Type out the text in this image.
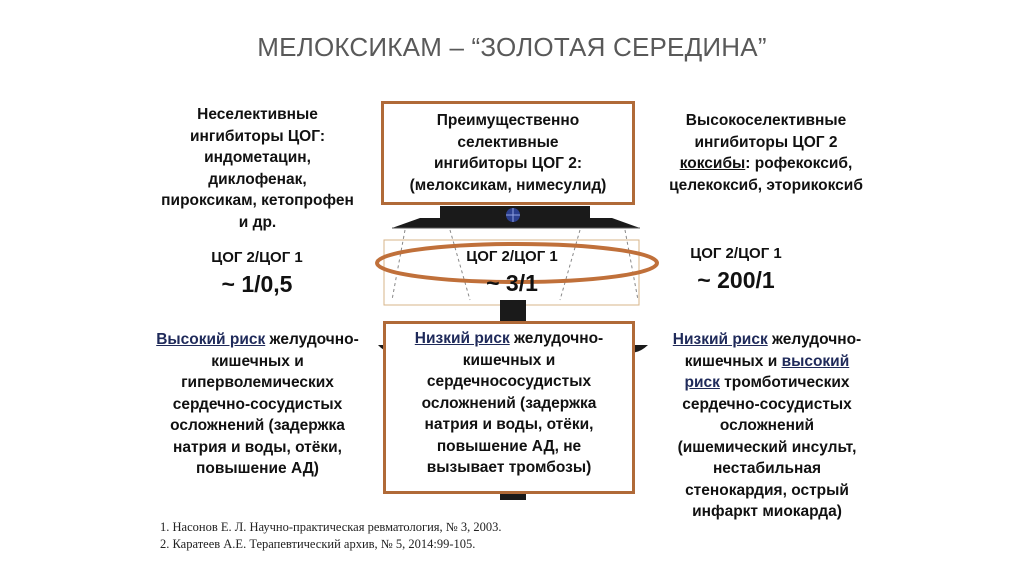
МЕЛОКСИКАМ – “ЗОЛОТАЯ СЕРЕДИНА”
Преимущественно
селективные
ингибиторы ЦОГ 2:
(мелоксикам, нимесулид)
ЦОГ 2/ЦОГ 1
~ 3/1
Низкий риск желудочно-
кишечных и
сердечнососудистых
осложнений (задержка
натрия и воды, отёки,
повышение АД, не
вызывает тромбозы)
Неселективные
ингибиторы ЦОГ:
индометацин,
диклофенак,
пироксикам, кетопрофен
и др.
ЦОГ 2/ЦОГ 1
~ 1/0,5
Высокий риск желудочно-
кишечных и
гиперволемических
сердечно-сосудистых
осложнений (задержка
натрия и воды, отёки,
повышение АД)
Высокоселективные
ингибиторы ЦОГ 2
коксибы: рофекоксиб,
целекоксиб, эторикоксиб
ЦОГ 2/ЦОГ 1
~ 200/1
Низкий риск желудочно-
кишечных и высокий
риск тромботических
сердечно-сосудистых
осложнений
(ишемический инсульт,
нестабильная
стенокардия, острый
инфаркт миокарда)
1. Насонов Е. Л. Научно-практическая ревматология, № 3, 2003.
2. Каратеев А.Е. Терапевтический архив, № 5, 2014:99-105.
